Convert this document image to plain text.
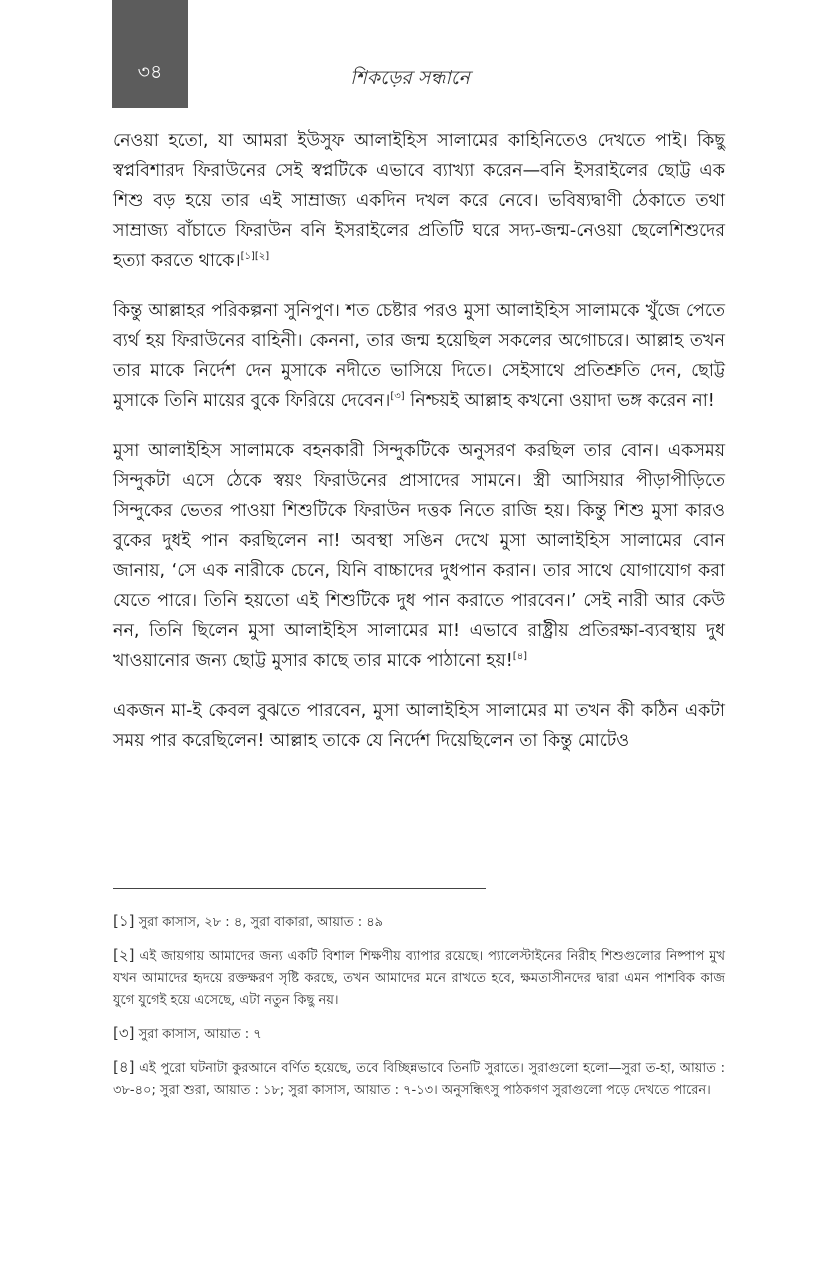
৩৪	শিকড়ের সন্ধানে

নেওয়া হতো, যা আমরা ইউসুফ আলাইহিস সালামের কাহিনিতেও দেখতে পাই। কিছু স্বপ্নবিশারদ ফিরাউনের সেই স্বপ্নটিকে এভাবে ব্যাখ্যা করেন—বনি ইসরাইলের ছোট্ট এক শিশু বড় হয়ে তার এই সাম্রাজ্য একদিন দখল করে নেবে। ভবিষ্যদ্বাণী ঠেকাতে তথা সাম্রাজ্য বাঁচাতে ফিরাউন বনি ইসরাইলের প্রতিটি ঘরে সদ্য-জন্ম-নেওয়া ছেলেশিশুদের হত্যা করতে থাকে।[১][২]

কিন্তু আল্লাহর পরিকল্পনা সুনিপুণ। শত চেষ্টার পরও মুসা আলাইহিস সালামকে খুঁজে পেতে ব্যর্থ হয় ফিরাউনের বাহিনী। কেননা, তার জন্ম হয়েছিল সকলের অগোচরে। আল্লাহ তখন তার মাকে নির্দেশ দেন মুসাকে নদীতে ভাসিয়ে দিতে। সেইসাথে প্রতিশ্রুতি দেন, ছোট্ট মুসাকে তিনি মায়ের বুকে ফিরিয়ে দেবেন।[৩] নিশ্চয়ই আল্লাহ কখনো ওয়াদা ভঙ্গ করেন না!

মুসা আলাইহিস সালামকে বহনকারী সিন্দুকটিকে অনুসরণ করছিল তার বোন। একসময় সিন্দুকটা এসে ঠেকে স্বয়ং ফিরাউনের প্রাসাদের সামনে। স্ত্রী আসিয়ার পীড়াপীড়িতে সিন্দুকের ভেতর পাওয়া শিশুটিকে ফিরাউন দত্তক নিতে রাজি হয়। কিন্তু শিশু মুসা কারও বুকের দুধই পান করছিলেন না! অবস্থা সঙিন দেখে মুসা আলাইহিস সালামের বোন জানায়, ‘সে এক নারীকে চেনে, যিনি বাচ্চাদের দুধপান করান। তার সাথে যোগাযোগ করা যেতে পারে। তিনি হয়তো এই শিশুটিকে দুধ পান করাতে পারবেন।’ সেই নারী আর কেউ নন, তিনি ছিলেন মুসা আলাইহিস সালামের মা! এভাবে রাষ্ট্রীয় প্রতিরক্ষা-ব্যবস্থায় দুধ খাওয়ানোর জন্য ছোট্ট মুসার কাছে তার মাকে পাঠানো হয়![৪]

একজন মা-ই কেবল বুঝতে পারবেন, মুসা আলাইহিস সালামের মা তখন কী কঠিন একটা সময় পার করেছিলেন! আল্লাহ তাকে যে নির্দেশ দিয়েছিলেন তা কিন্তু মোটেও

[১] সুরা কাসাস, ২৮ : ৪, সুরা বাকারা, আয়াত : ৪৯

[২] এই জায়গায় আমাদের জন্য একটি বিশাল শিক্ষণীয় ব্যাপার রয়েছে। প্যালেস্টাইনের নিরীহ শিশুগুলোর নিষ্পাপ মুখ যখন আমাদের হৃদয়ে রক্তক্ষরণ সৃষ্টি করছে, তখন আমাদের মনে রাখতে হবে, ক্ষমতাসীনদের দ্বারা এমন পাশবিক কাজ যুগে যুগেই হয়ে এসেছে, এটা নতুন কিছু নয়।

[৩] সুরা কাসাস, আয়াত : ৭

[৪] এই পুরো ঘটনাটা কুরআনে বর্ণিত হয়েছে, তবে বিচ্ছিন্নভাবে তিনটি সুরাতে। সুরাগুলো হলো—সুরা ত-হা, আয়াত : ৩৮-৪০; সুরা শুরা, আয়াত : ১৮; সুরা কাসাস, আয়াত : ৭-১৩। অনুসন্ধিৎসু পাঠকগণ সুরাগুলো পড়ে দেখতে পারেন।
